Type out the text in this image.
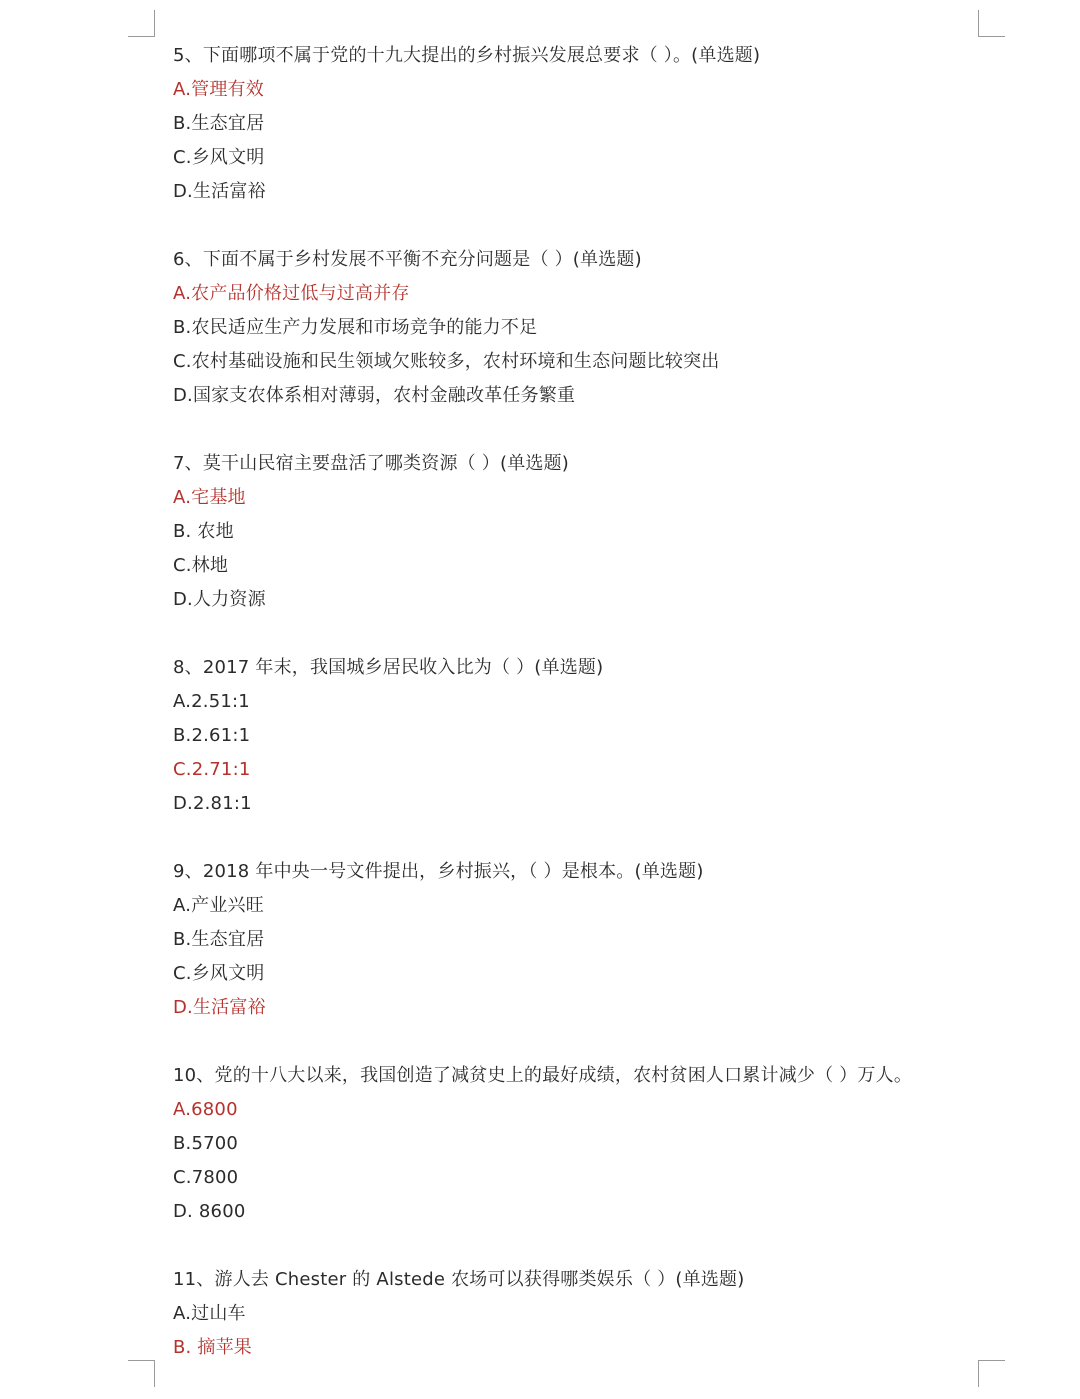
5、下面哪项不属于党的十九大提出的乡村振兴发展总要求（ ）。(单选题)
A.管理有效
B.生态宜居
C.乡风文明
D.生活富裕
6、下面不属于乡村发展不平衡不充分问题是（ ）(单选题)
A.农产品价格过低与过高并存
B.农民适应生产力发展和市场竞争的能力不足
C.农村基础设施和民生领域欠账较多，农村环境和生态问题比较突出
D.国家支农体系相对薄弱，农村金融改革任务繁重
7、莫干山民宿主要盘活了哪类资源（ ）(单选题)
A.宅基地
B. 农地
C.林地
D.人力资源
8、2017 年末，我国城乡居民收入比为（ ）(单选题)
A.2.51:1
B.2.61:1
C.2.71:1
D.2.81:1
9、2018 年中央一号文件提出，乡村振兴，（ ）是根本。(单选题)
A.产业兴旺
B.生态宜居
C.乡风文明
D.生活富裕
10、党的十八大以来，我国创造了减贫史上的最好成绩，农村贫困人口累计减少（ ）万人。
A.6800
B.5700
C.7800
D. 8600
11、游人去 Chester 的 Alstede 农场可以获得哪类娱乐（ ）(单选题)
A.过山车
B. 摘苹果
